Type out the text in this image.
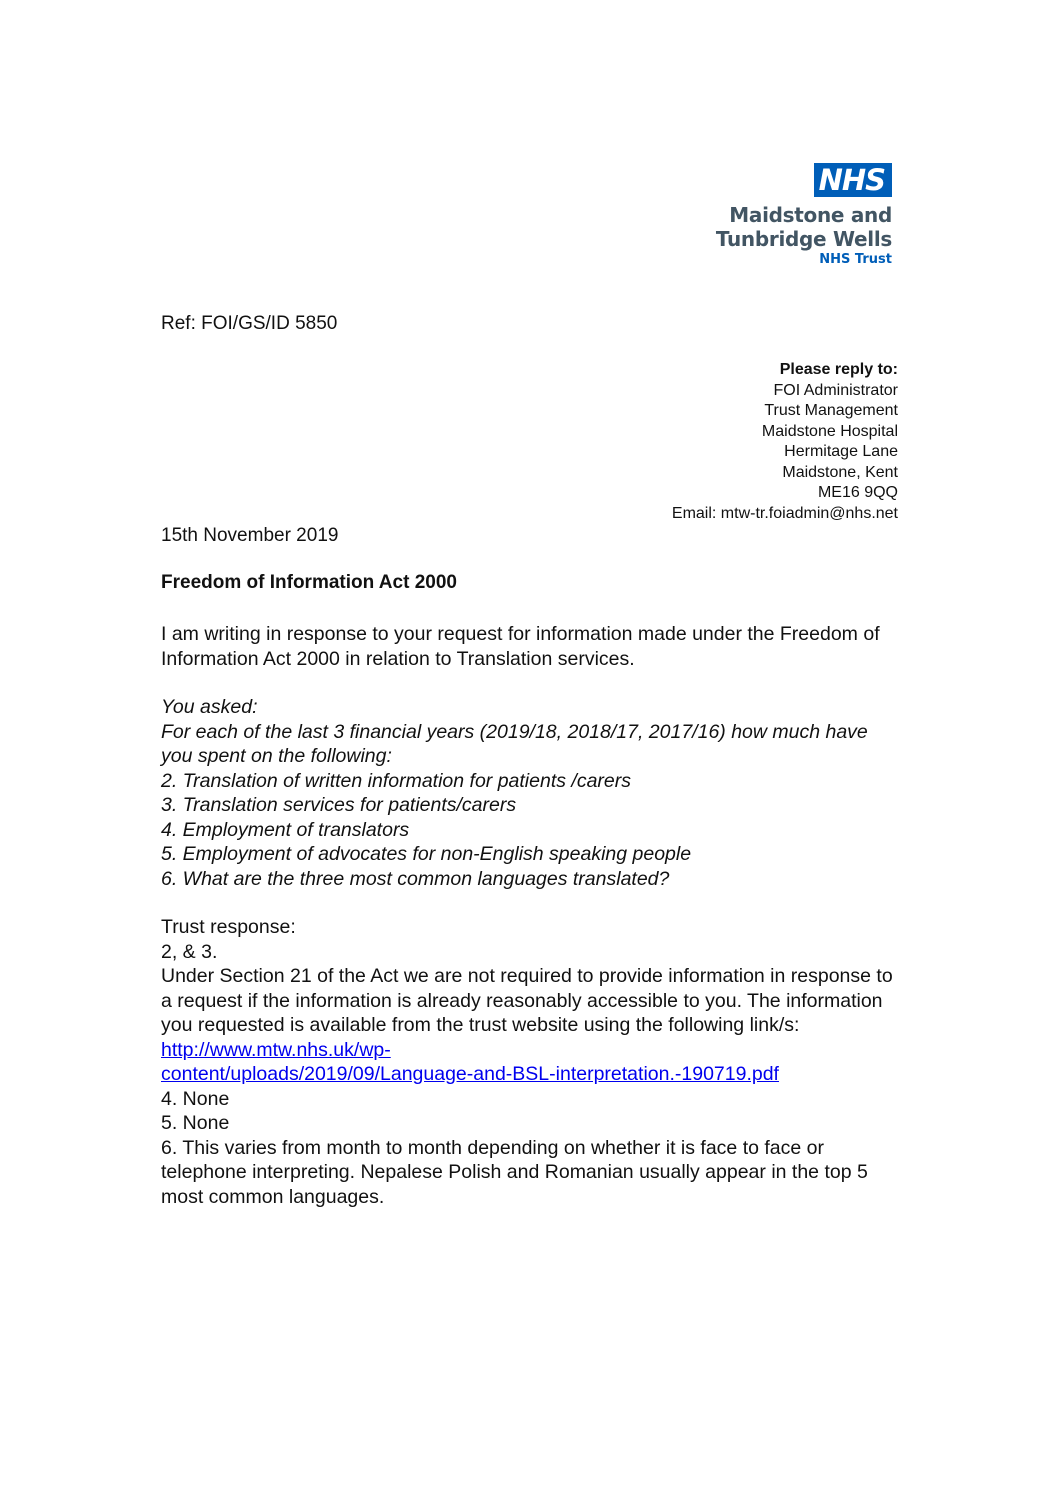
NHS
Maidstone and
Tunbridge Wells
NHS Trust
Ref: FOI/GS/ID 5850
Please reply to:
FOI Administrator
Trust Management
Maidstone Hospital
Hermitage Lane
Maidstone, Kent
ME16 9QQ
Email: mtw-tr.foiadmin@nhs.net
15th November 2019
Freedom of Information Act 2000

I am writing in response to your request for information made under the Freedom of Information Act 2000 in relation to Translation services.

You asked:
For each of the last 3 financial years (2019/18, 2018/17, 2017/16) how much have you spent on the following:
2. Translation of written information for patients /carers
3. Translation services for patients/carers
4. Employment of translators
5. Employment of advocates for non-English speaking people
6. What are the three most common languages translated?
Trust response:
2, & 3.
Under Section 21 of the Act we are not required to provide information in response to a request if the information is already reasonably accessible to you. The information you requested is available from the trust website using the following link/s: http://www.mtw.nhs.uk/wp-
content/uploads/2019/09/Language-and-BSL-interpretation.-190719.pdf
4. None
5. None
6. This varies from month to month depending on whether it is face to face or telephone interpreting. Nepalese Polish and Romanian usually appear in the top 5 most common languages.
